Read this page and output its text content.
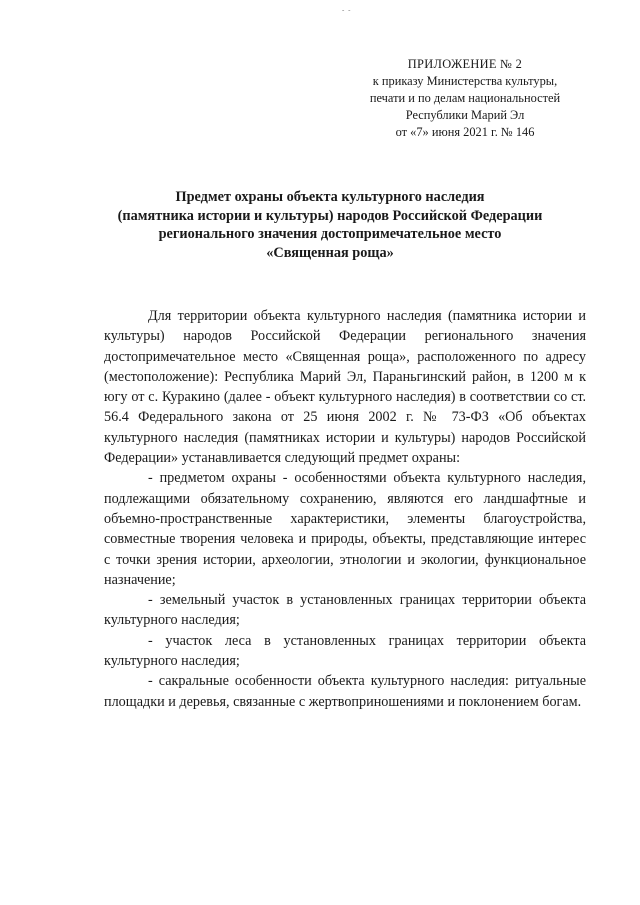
- -
ПРИЛОЖЕНИЕ № 2
к приказу Министерства культуры,
печати и по делам национальностей
Республики Марий Эл
от «7» июня 2021 г. № 146
Предмет охраны объекта культурного наследия
(памятника истории и культуры) народов Российской Федерации
регионального значения достопримечательное место
«Священная роща»

Для территории объекта культурного наследия (памятника истории и культуры) народов Российской Федерации регионального значения достопримечательное место «Священная роща», расположенного по адресу (местоположение): Республика Марий Эл, Параньгинский район, в 1200 м к югу от с. Куракино (далее - объект культурного наследия) в соответствии со ст. 56.4 Федерального закона от 25 июня 2002 г. № 73-ФЗ «Об объектах культурного наследия (памятниках истории и культуры) народов Российской Федерации» устанавливается следующий предмет охраны:

- предметом охраны - особенностями объекта культурного наследия, подлежащими обязательному сохранению, являются его ландшафтные и объемно-пространственные характеристики, элементы благоустройства, совместные творения человека и природы, объекты, представляющие интерес с точки зрения истории, археологии, этнологии и экологии, функциональное назначение;

- земельный участок в установленных границах территории объекта культурного наследия;

- участок леса в установленных границах территории объекта культурного наследия;

- сакральные особенности объекта культурного наследия: ритуальные площадки и деревья, связанные с жертвоприношениями и поклонением богам.
